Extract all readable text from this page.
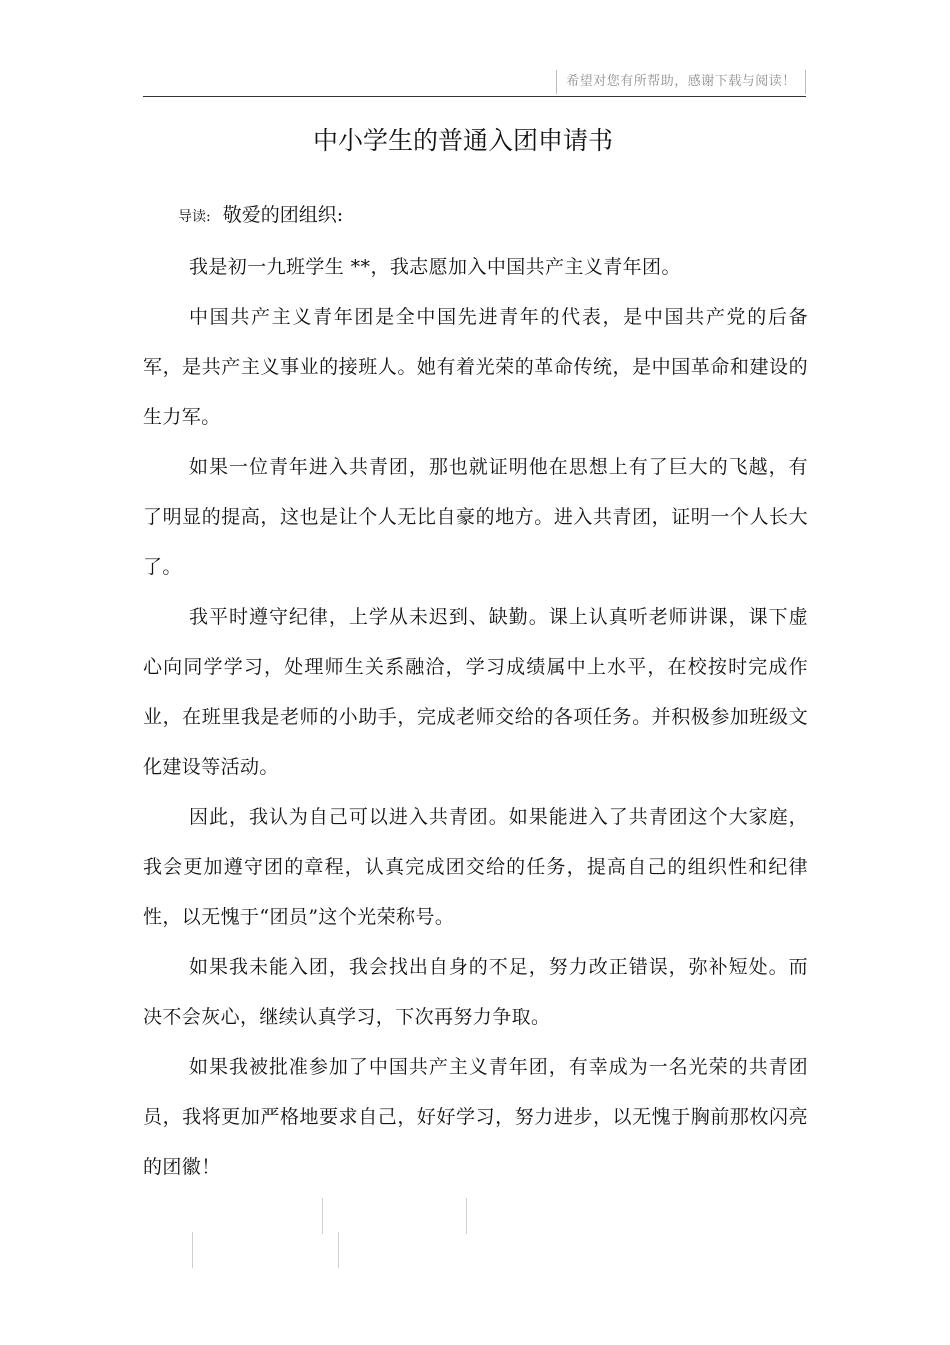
希望对您有所帮助，感谢下载与阅读！
中小学生的普通入团申请书

导读: 敬爱的团组织:

我是初一九班学生 **，我志愿加入中国共产主义青年团。

中国共产主义青年团是全中国先进青年的代表，是中国共产党的后备军，是共产主义事业的接班人。她有着光荣的革命传统，是中国革命和建设的生力军。

如果一位青年进入共青团，那也就证明他在思想上有了巨大的飞越，有了明显的提高，这也是让个人无比自豪的地方。进入共青团，证明一个人长大了。

我平时遵守纪律，上学从未迟到、缺勤。课上认真听老师讲课，课下虚心向同学学习，处理师生关系融洽，学习成绩属中上水平，在校按时完成作业，在班里我是老师的小助手，完成老师交给的各项任务。并积极参加班级文化建设等活动。

因此，我认为自己可以进入共青团。如果能进入了共青团这个大家庭，我会更加遵守团的章程，认真完成团交给的任务，提高自己的组织性和纪律性，以无愧于“团员”这个光荣称号。

如果我未能入团，我会找出自身的不足，努力改正错误，弥补短处。而决不会灰心，继续认真学习，下次再努力争取。

如果我被批准参加了中国共产主义青年团，有幸成为一名光荣的共青团员，我将更加严格地要求自己，好好学习，努力进步，以无愧于胸前那枚闪亮的团徽！
